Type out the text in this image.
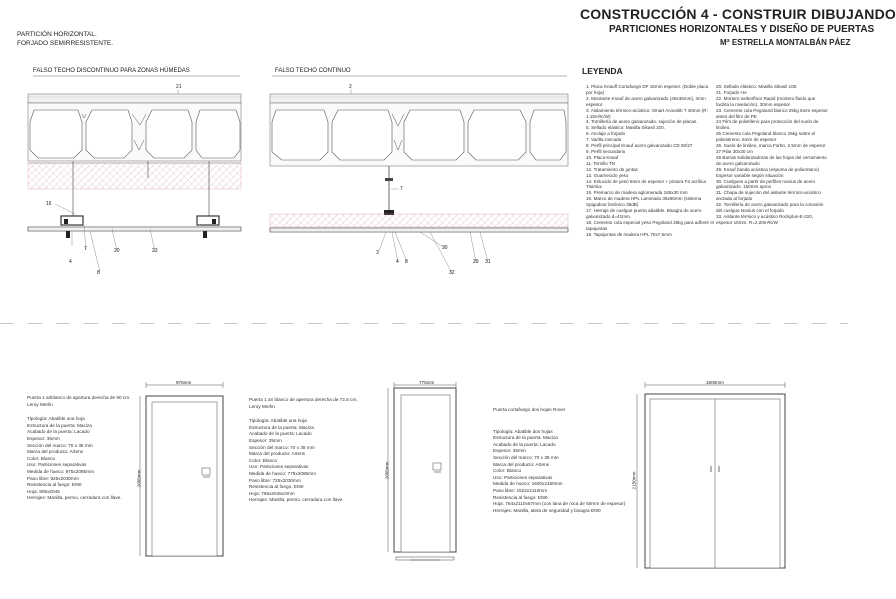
CONSTRUCCIÓN 4 - CONSTRUIR DIBUJANDO
PARTICIONES HORIZONTALES Y DISEÑO DE PUERTAS
Mª ESTRELLA MONTALBÁN PÁEZ
PARTICIÓN HORIZONTAL.
FORJADO SEMIRRESISTENTE.
FALSO TECHO DISCONTINUO PARA ZONAS HÚMEDAS	FALSO TECHO CONTINUO
21
16
4
7
8
20	23
2
7
3
4 8
30
32
29 31
LEYENDA
1. Placa Knauff Cortafuego DF 15mm espesor. (Doble placa por hoja)
2. Montante Knauf de acero galvanizado (48x35mm), 3mm espesor
3. Aislamiento térmico-acústico: Smart Acoustik T 40mm (R: 1,15m²K/W)
4. Tornillería de acero galvanizado, sujeción de placas.
5. Sellado elástico: Masilla Sikasil 100.
6. Anclaje a forjado
7. Varilla roscada
8. Perfil principal Knauf acero galvanizado CD 60/27
9. Perfil secundario
10. Placa Knauf
11. Tornillo TN
12. Tratamiento de juntas
13. Guarnecido yeso
14. Enlucido de yeso 5mm de espesor + pintura F4 acrílica Titanlux
15. Premarco de madera aglomerada 165x30 mm
16. Marco de madera HPL Laminado 35x80mm (sistema Spigodoor listónico 38dB)
17. Herraje de cuelgue puerta abatible. Bisagra de acero galvanizado d=41mm
18. Cemento cola especial yeso Pegoland 25kg para adherir el tapajuntas
19. Tapajuntas de madera HPL 70x7,5mm
20. Sellado elástico: Masilla Sikasil 100.
21. Forjado HA
22. Mortero weberfloor Rapid (mortero fluido que facilita la nivelación). 30mm espesor
23. Cemento cola Pegoland blanco 25kg 5mm espesor antes del film de PE
24 Film de polietileno para protección del suelo de linóleo.
25 Cemento cola Pegoland blanco 25kg sobre el poliestireno. 5mm de espesor
26. Suelo de linóleo, marca Forbo. 2,5mm de espesor
27 Pilar 30x30 cm
28 Barras solidarizadoras de las hojas del cerramiento de acero galvanizado
29. Knauf banda acústica (espuma de poliuretano). Espesor variable según situación
30. Cuelgues a partir de perfiles nonius de acero galvanizado. 150mm aprox
31. Chapa de sujeción del aislante térmico-acústico anclada al forjado
32. Tornillería de acero galvanizado para la conexión del cuelgue Nonius con el forjado
33. Aislante térmico y acústico Rockplus-E-220, espesor 15mm. R=2,20m²K/W
Puerta 1 ariblanco de apertura derecha de 90 cm. Leroy Merlin
Tipología: Abatible una hoja
Estructura de la puerta: Maciza
Acabado de la puerta: Lacado
Espesor: 35mm
Sección del marco: 70 x 38 mm
Marca del producto: Artens
Color: Blanco
Uso: Particiones separativas
Medida de hueco: 975x2085mm
Paso libre: 925x2030mm
Resistencia al fuego: EI90
Hoja: 905x2045
Herrajes: Manilla, pernio, cerradura con llave.
975mm
2055mm
Puerta 1 ari blanco de apertura derecha de 72,5 cm. Leroy Merlin
Tipología: Abatible una hoja
Estructura de la puerta: Maciza
Acabado de la puerta: Lacado
Espesor: 35mm
Sección del marco: 70 x 38 mm
Marca del producto: Artens
Color: Blanco
Uso: Particiones separativas
Medida de hueco: 775x2085mm
Paso libre: 725x2030mm
Resistencia al fuego: EI90
Hoja: 755x2045x3mm
Herrajes: Manilla, pernio, cerradura con llave.
775mm
2055mm
Puerta cortafuego dos hojas Rover
Tipología: Abatible dos hojas
Estructura de la puerta: Maciza
Acabado de la puerta: Lacado
Espesor: 35mm
Sección del marco: 70 x 38 mm
Marca del producto: Artens
Color: Blanco
Uso: Particiones separativas
Medida de hueco: 1600x2150mm
Paso libre: 1522x2110mm
Resistencia al fuego: EI90
Hoja: 764x2110x67mm (con lana de roca de 50mm de espesor)
Herrajes: Manilla, aleta de seguridad y bisagra EI90
1600mm
2150mm
